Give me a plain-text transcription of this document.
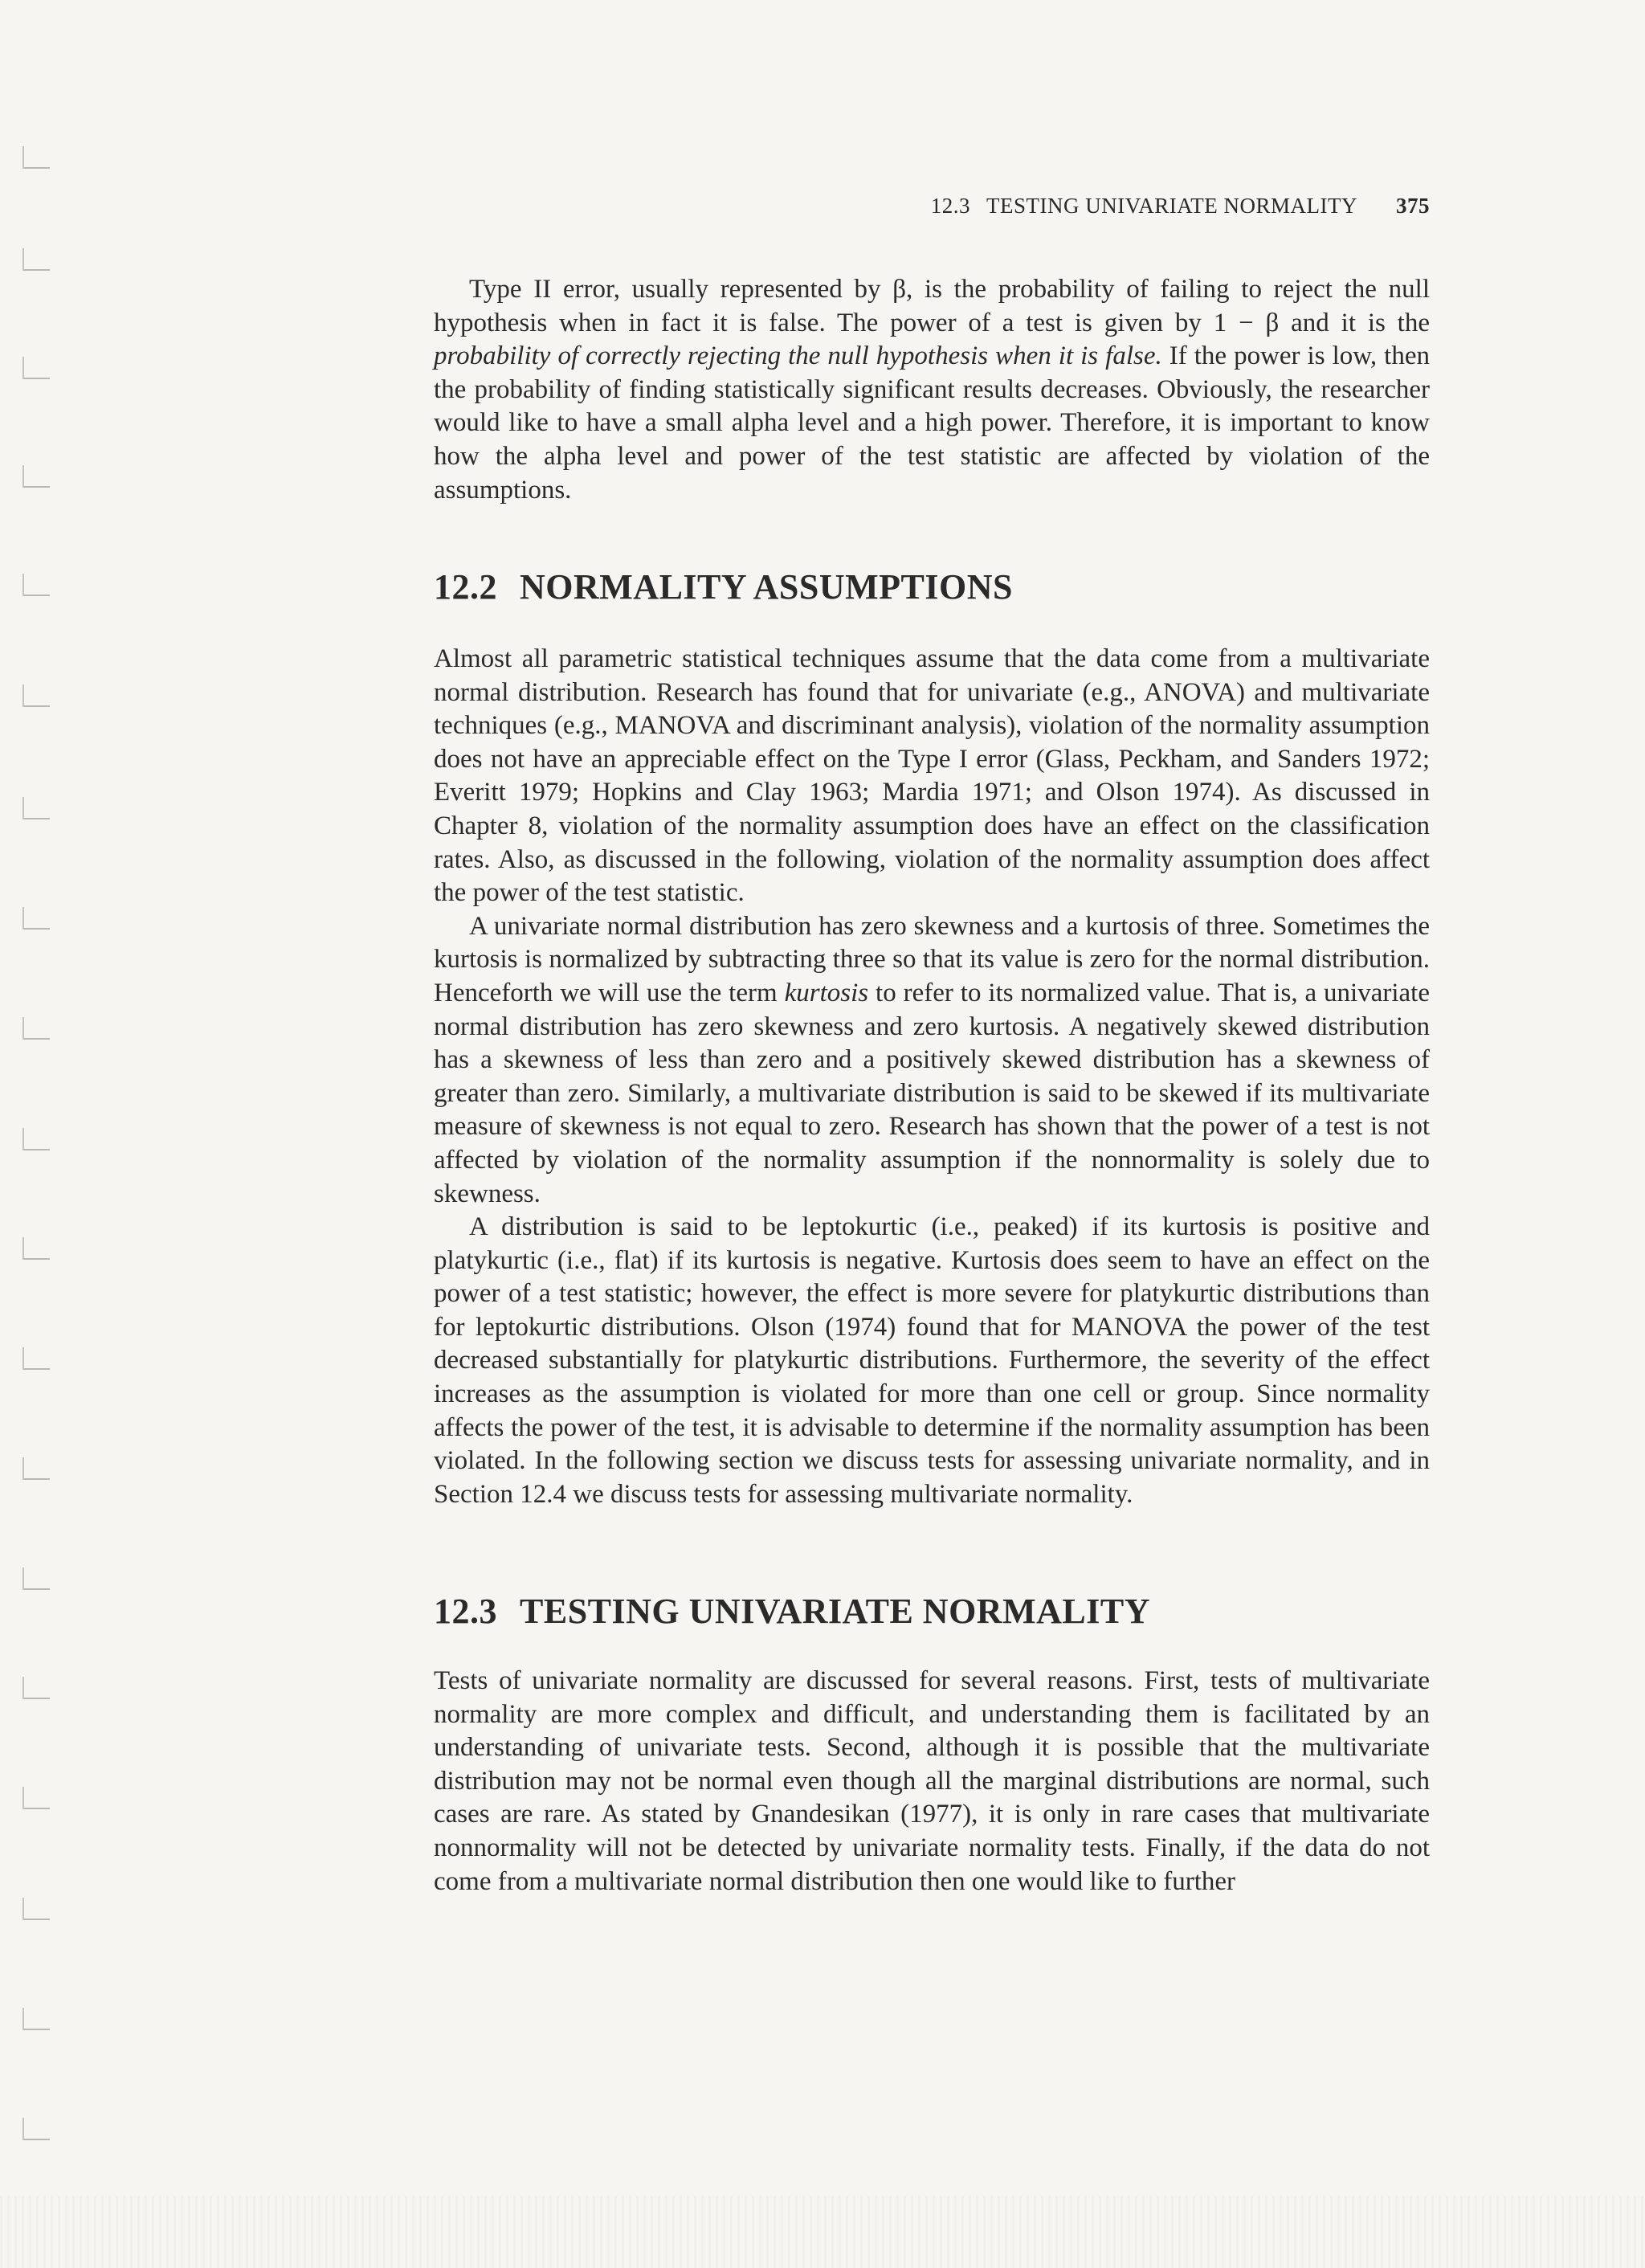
12.3 TESTING UNIVARIATE NORMALITY 375

Type II error, usually represented by β, is the probability of failing to reject the null hypothesis when in fact it is false. The power of a test is given by 1 − β and it is the probability of correctly rejecting the null hypothesis when it is false. If the power is low, then the probability of finding statistically significant results decreases. Obviously, the researcher would like to have a small alpha level and a high power. Therefore, it is important to know how the alpha level and power of the test statistic are affected by violation of the assumptions.

12.2 NORMALITY ASSUMPTIONS

Almost all parametric statistical techniques assume that the data come from a multivariate normal distribution. Research has found that for univariate (e.g., ANOVA) and multivariate techniques (e.g., MANOVA and discriminant analysis), violation of the normality assumption does not have an appreciable effect on the Type I error (Glass, Peckham, and Sanders 1972; Everitt 1979; Hopkins and Clay 1963; Mardia 1971; and Olson 1974). As discussed in Chapter 8, violation of the normality assumption does have an effect on the classification rates. Also, as discussed in the following, violation of the normality assumption does affect the power of the test statistic.

A univariate normal distribution has zero skewness and a kurtosis of three. Sometimes the kurtosis is normalized by subtracting three so that its value is zero for the normal distribution. Henceforth we will use the term kurtosis to refer to its normalized value. That is, a univariate normal distribution has zero skewness and zero kurtosis. A negatively skewed distribution has a skewness of less than zero and a positively skewed distribution has a skewness of greater than zero. Similarly, a multivariate distribution is said to be skewed if its multivariate measure of skewness is not equal to zero. Research has shown that the power of a test is not affected by violation of the normality assumption if the nonnormality is solely due to skewness.

A distribution is said to be leptokurtic (i.e., peaked) if its kurtosis is positive and platykurtic (i.e., flat) if its kurtosis is negative. Kurtosis does seem to have an effect on the power of a test statistic; however, the effect is more severe for platykurtic distributions than for leptokurtic distributions. Olson (1974) found that for MANOVA the power of the test decreased substantially for platykurtic distributions. Furthermore, the severity of the effect increases as the assumption is violated for more than one cell or group. Since normality affects the power of the test, it is advisable to determine if the normality assumption has been violated. In the following section we discuss tests for assessing univariate normality, and in Section 12.4 we discuss tests for assessing multivariate normality.

12.3 TESTING UNIVARIATE NORMALITY

Tests of univariate normality are discussed for several reasons. First, tests of multivariate normality are more complex and difficult, and understanding them is facilitated by an understanding of univariate tests. Second, although it is possible that the multivariate distribution may not be normal even though all the marginal distributions are normal, such cases are rare. As stated by Gnandesikan (1977), it is only in rare cases that multivariate nonnormality will not be detected by univariate normality tests. Finally, if the data do not come from a multivariate normal distribution then one would like to further
